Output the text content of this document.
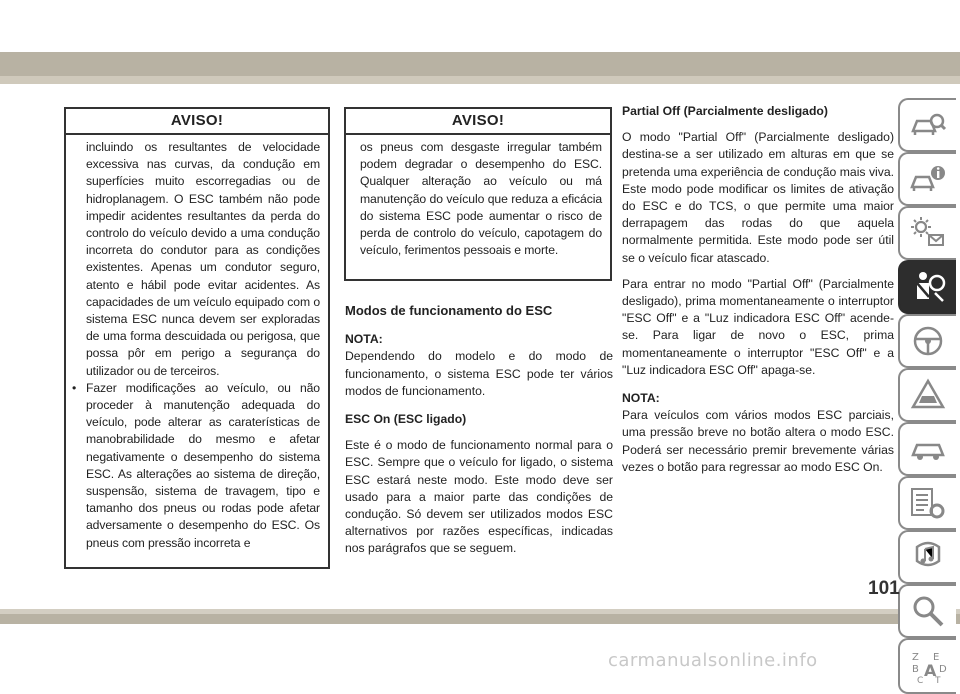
AVISO!

incluindo os resultantes de velocidade excessiva nas curvas, da condução em superfícies muito escorregadias ou de hidroplanagem. O ESC também não pode impedir acidentes resultantes da perda do controlo do veículo devido a uma condução incorreta do condutor para as condições existentes. Apenas um condutor seguro, atento e hábil pode evitar acidentes. As capacidades de um veículo equipado com o sistema ESC nunca devem ser exploradas de uma forma descuidada ou perigosa, que possa pôr em perigo a segurança do utilizador ou de terceiros.

• Fazer modificações ao veículo, ou não proceder à manutenção adequada do veículo, pode alterar as caraterísticas de manobrabilidade do mesmo e afetar negativamente o desempenho do sistema ESC. As alterações ao sistema de direção, suspensão, sistema de travagem, tipo e tamanho dos pneus ou rodas pode afetar adversamente o desempenho do ESC. Os pneus com pressão incorreta e
AVISO!

os pneus com desgaste irregular também podem degradar o desempenho do ESC. Qualquer alteração ao veículo ou má manutenção do veículo que reduza a eficácia do sistema ESC pode aumentar o risco de perda de controlo do veículo, capotagem do veículo, ferimentos pessoais e morte.

Modos de funcionamento do ESC

NOTA:

Dependendo do modelo e do modo de funcionamento, o sistema ESC pode ter vários modos de funcionamento.

ESC On (ESC ligado)

Este é o modo de funcionamento normal para o ESC. Sempre que o veículo for ligado, o sistema ESC estará neste modo. Este modo deve ser usado para a maior parte das condições de condução. Só devem ser utilizados modos ESC alternativos por razões específicas, indicadas nos parágrafos que se seguem.

Partial Off (Parcialmente desligado)

O modo "Partial Off" (Parcialmente desligado) destina-se a ser utilizado em alturas em que se pretenda uma experiência de condução mais viva. Este modo pode modificar os limites de ativação do ESC e do TCS, o que permite uma maior derrapagem das rodas do que aquela normalmente permitida. Este modo pode ser útil se o veículo ficar atascado.

Para entrar no modo "Partial Off" (Parcialmente desligado), prima momentaneamente o interruptor "ESC Off" e a "Luz indicadora ESC Off" acende-se. Para ligar de novo o ESC, prima momentaneamente o interruptor "ESC Off" e a "Luz indicadora ESC Off" apaga-se.

NOTA:

Para veículos com vários modos ESC parciais, uma pressão breve no botão altera o modo ESC. Poderá ser necessário premir brevemente várias vezes o botão para regressar ao modo ESC On.

Z E
B A D
C T
101
carmanualsonline.info
